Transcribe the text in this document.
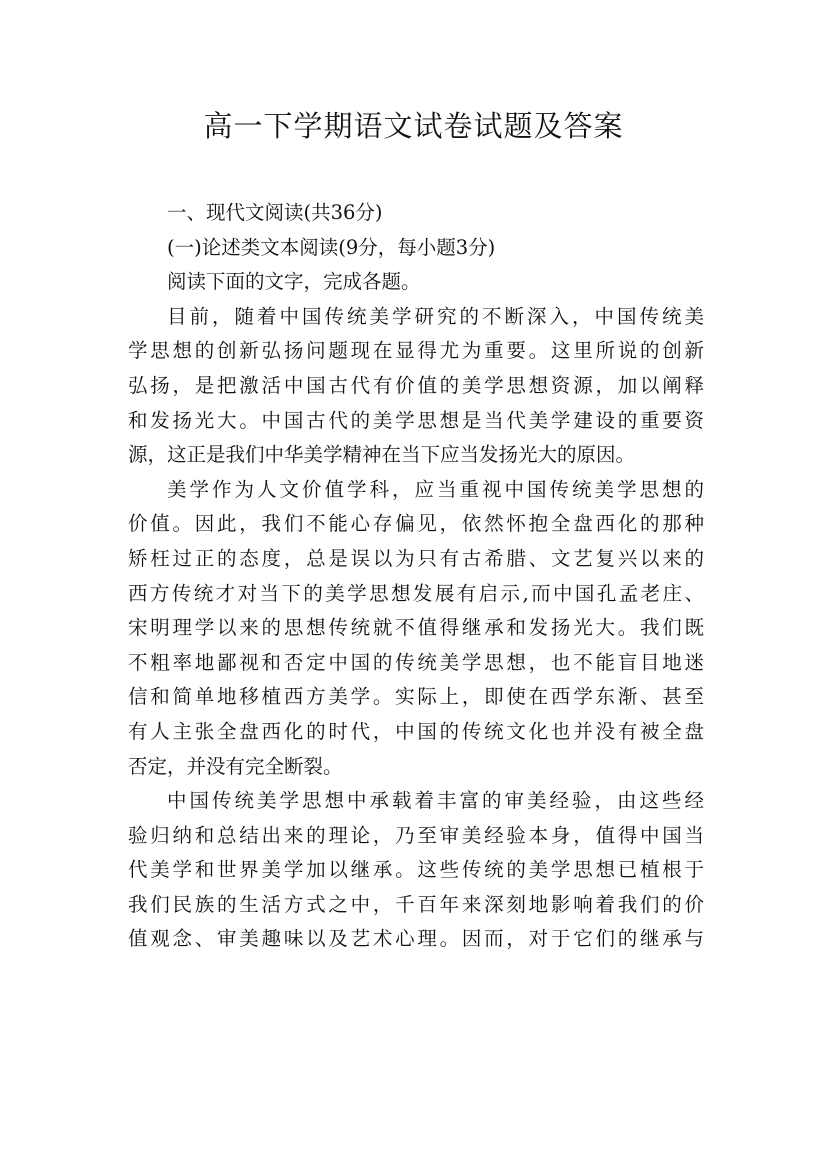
高一下学期语文试卷试题及答案
一、现代文阅读(共36分)
(一)论述类文本阅读(9分，每小题3分)
阅读下面的文字，完成各题。
目前，随着中国传统美学研究的不断深入，中国传统美
学思想的创新弘扬问题现在显得尤为重要。这里所说的创新
弘扬，是把激活中国古代有价值的美学思想资源，加以阐释
和发扬光大。中国古代的美学思想是当代美学建设的重要资
源，这正是我们中华美学精神在当下应当发扬光大的原因。
美学作为人文价值学科，应当重视中国传统美学思想的
价值。因此，我们不能心存偏见，依然怀抱全盘西化的那种
矫枉过正的态度，总是误以为只有古希腊、文艺复兴以来的
西方传统才对当下的美学思想发展有启示,而中国孔孟老庄、
宋明理学以来的思想传统就不值得继承和发扬光大。我们既
不粗率地鄙视和否定中国的传统美学思想，也不能盲目地迷
信和简单地移植西方美学。实际上，即使在西学东渐、甚至
有人主张全盘西化的时代，中国的传统文化也并没有被全盘
否定，并没有完全断裂。
中国传统美学思想中承载着丰富的审美经验，由这些经
验归纳和总结出来的理论，乃至审美经验本身，值得中国当
代美学和世界美学加以继承。这些传统的美学思想已植根于
我们民族的生活方式之中，千百年来深刻地影响着我们的价
值观念、审美趣味以及艺术心理。因而，对于它们的继承与
